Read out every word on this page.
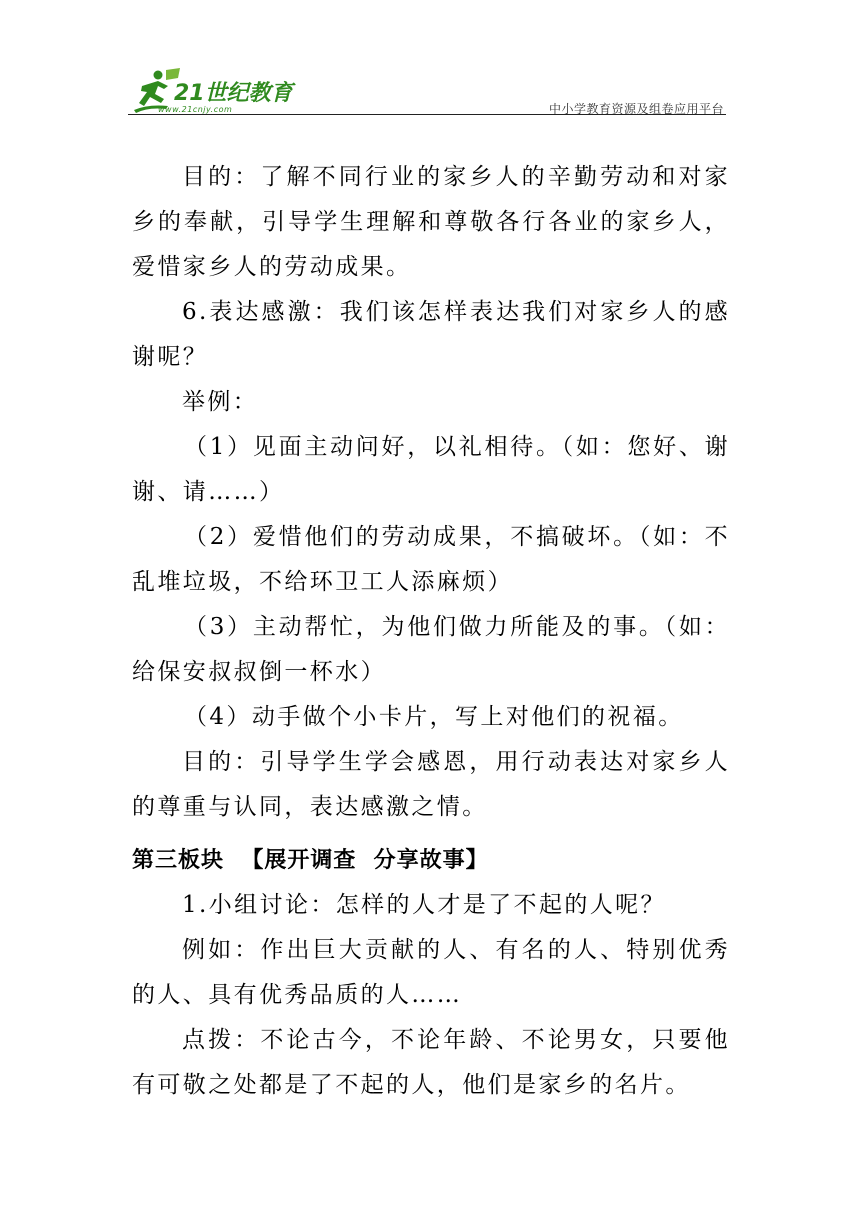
21世纪教育
www.21cnjy.com	中小学教育资源及组卷应用平台

目的：了解不同行业的家乡人的辛勤劳动和对家乡的奉献，引导学生理解和尊敬各行各业的家乡人，爱惜家乡人的劳动成果。

6.表达感激：我们该怎样表达我们对家乡人的感谢呢？

举例：

（1）见面主动问好，以礼相待。（如：您好、谢谢、请……）

（2）爱惜他们的劳动成果，不搞破坏。（如：不乱堆垃圾，不给环卫工人添麻烦）

（3）主动帮忙，为他们做力所能及的事。（如：给保安叔叔倒一杯水）

（4）动手做个小卡片，写上对他们的祝福。

目的：引导学生学会感恩，用行动表达对家乡人的尊重与认同，表达感激之情。

第三板块  【展开调查  分享故事】

1.小组讨论：怎样的人才是了不起的人呢？

例如：作出巨大贡献的人、有名的人、特别优秀的人、具有优秀品质的人……

点拨：不论古今，不论年龄、不论男女，只要他有可敬之处都是了不起的人，他们是家乡的名片。
